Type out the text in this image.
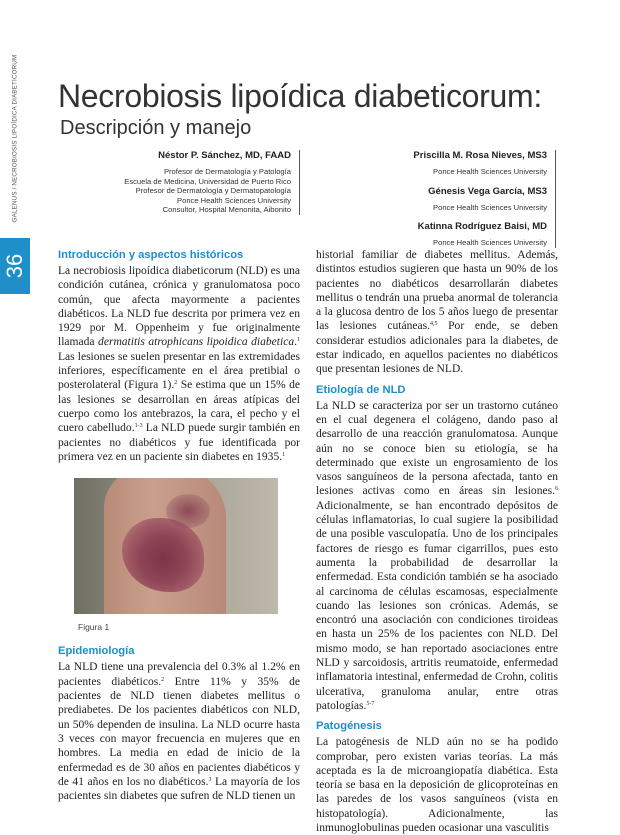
36
GALENUS / NECROBIOSIS LIPOÍDICA DIABETICORUM Necrobiosis lipoídica diabeticorum:
Descripción y manejo
Néstor P. Sánchez, MD, FAAD
Profesor de Dermatología y Patología
Escuela de Medicina, Universidad de Puerto Rico
Profesor de Dermatología y Dermatopatología
Ponce Health Sciences University
Consultor, Hospital Menonita, Aibonito
Priscilla M. Rosa Nieves, MS3
Ponce Health Sciences University
Génesis Vega García, MS3
Ponce Health Sciences University
Katinna Rodríguez Baisi, MD
Ponce Health Sciences University
Introducción y aspectos históricos

La necrobiosis lipoídica diabeticorum (NLD) es una condición cutánea, crónica y granulomatosa poco común, que afecta mayormente a pacientes diabéticos. La NLD fue descrita por primera vez en 1929 por M. Oppenheim y fue originalmente llamada dermatitis atrophicans lipoidica diabetica.$^1$ Las lesiones se suelen presentar en las extremidades inferiores, específicamente en el área pretibial o posterolateral (Figura 1).$^2$ Se estima que un 15% de las lesiones se desarrollan en áreas atípicas del cuerpo como los antebrazos, la cara, el pecho y el cuero cabelludo.$^{1-3}$ La NLD puede surgir también en pacientes no diabéticos y fue identificada por primera vez en un paciente sin diabetes en 1935.$^1$

Figura 1
Epidemiología

La NLD tiene una prevalencia del 0.3% al 1.2% en pacientes diabéticos.$^2$ Entre 11% y 35% de pacientes de NLD tienen diabetes mellitus o prediabetes. De los pacientes diabéticos con NLD, un 50% dependen de insulina. La NLD ocurre hasta 3 veces con mayor frecuencia en mujeres que en hombres. La media en edad de inicio de la enfermedad es de 30 años en pacientes diabéticos y de 41 años en los no diabéticos.$^3$ La mayoría de los pacientes sin diabetes que sufren de NLD tienen un

historial familiar de diabetes mellitus. Además, distintos estudios sugieren que hasta un 90% de los pacientes no diabéticos desarrollarán diabetes mellitus o tendrán una prueba anormal de tolerancia a la glucosa dentro de los 5 años luego de presentar las lesiones cutáneas.$^{4,5}$ Por ende, se deben considerar estudios adicionales para la diabetes, de estar indicado, en aquellos pacientes no diabéticos que presentan lesiones de NLD.

Etiología de NLD

La NLD se caracteriza por ser un trastorno cutáneo en el cual degenera el colágeno, dando paso al desarrollo de una reacción granulomatosa. Aunque aún no se conoce bien su etiología, se ha determinado que existe un engrosamiento de los vasos sanguíneos de la persona afectada, tanto en lesiones activas como en áreas sin lesiones.$^6$ Adicionalmente, se han encontrado depósitos de células inflamatorias, lo cual sugiere la posibilidad de una posible vasculopatía. Uno de los principales factores de riesgo es fumar cigarrillos, pues esto aumenta la probabilidad de desarrollar la enfermedad. Esta condición también se ha asociado al carcinoma de células escamosas, especialmente cuando las lesiones son crónicas. Además, se encontró una asociación con condiciones tiroideas en hasta un 25% de los pacientes con NLD. Del mismo modo, se han reportado asociaciones entre NLD y sarcoidosis, artritis reumatoide, enfermedad inflamatoria intestinal, enfermedad de Crohn, colitis ulcerativa, granuloma anular, entre otras patologías.$^{5-7}$

Patogénesis

La patogénesis de NLD aún no se ha podido comprobar, pero existen varias teorías. La más aceptada es la de microangiopatía diabética. Esta teoría se basa en la deposición de glicoproteínas en las paredes de los vasos sanguíneos (vista en histopatología). Adicionalmente, las inmunoglobulinas pueden ocasionar una vasculitis
